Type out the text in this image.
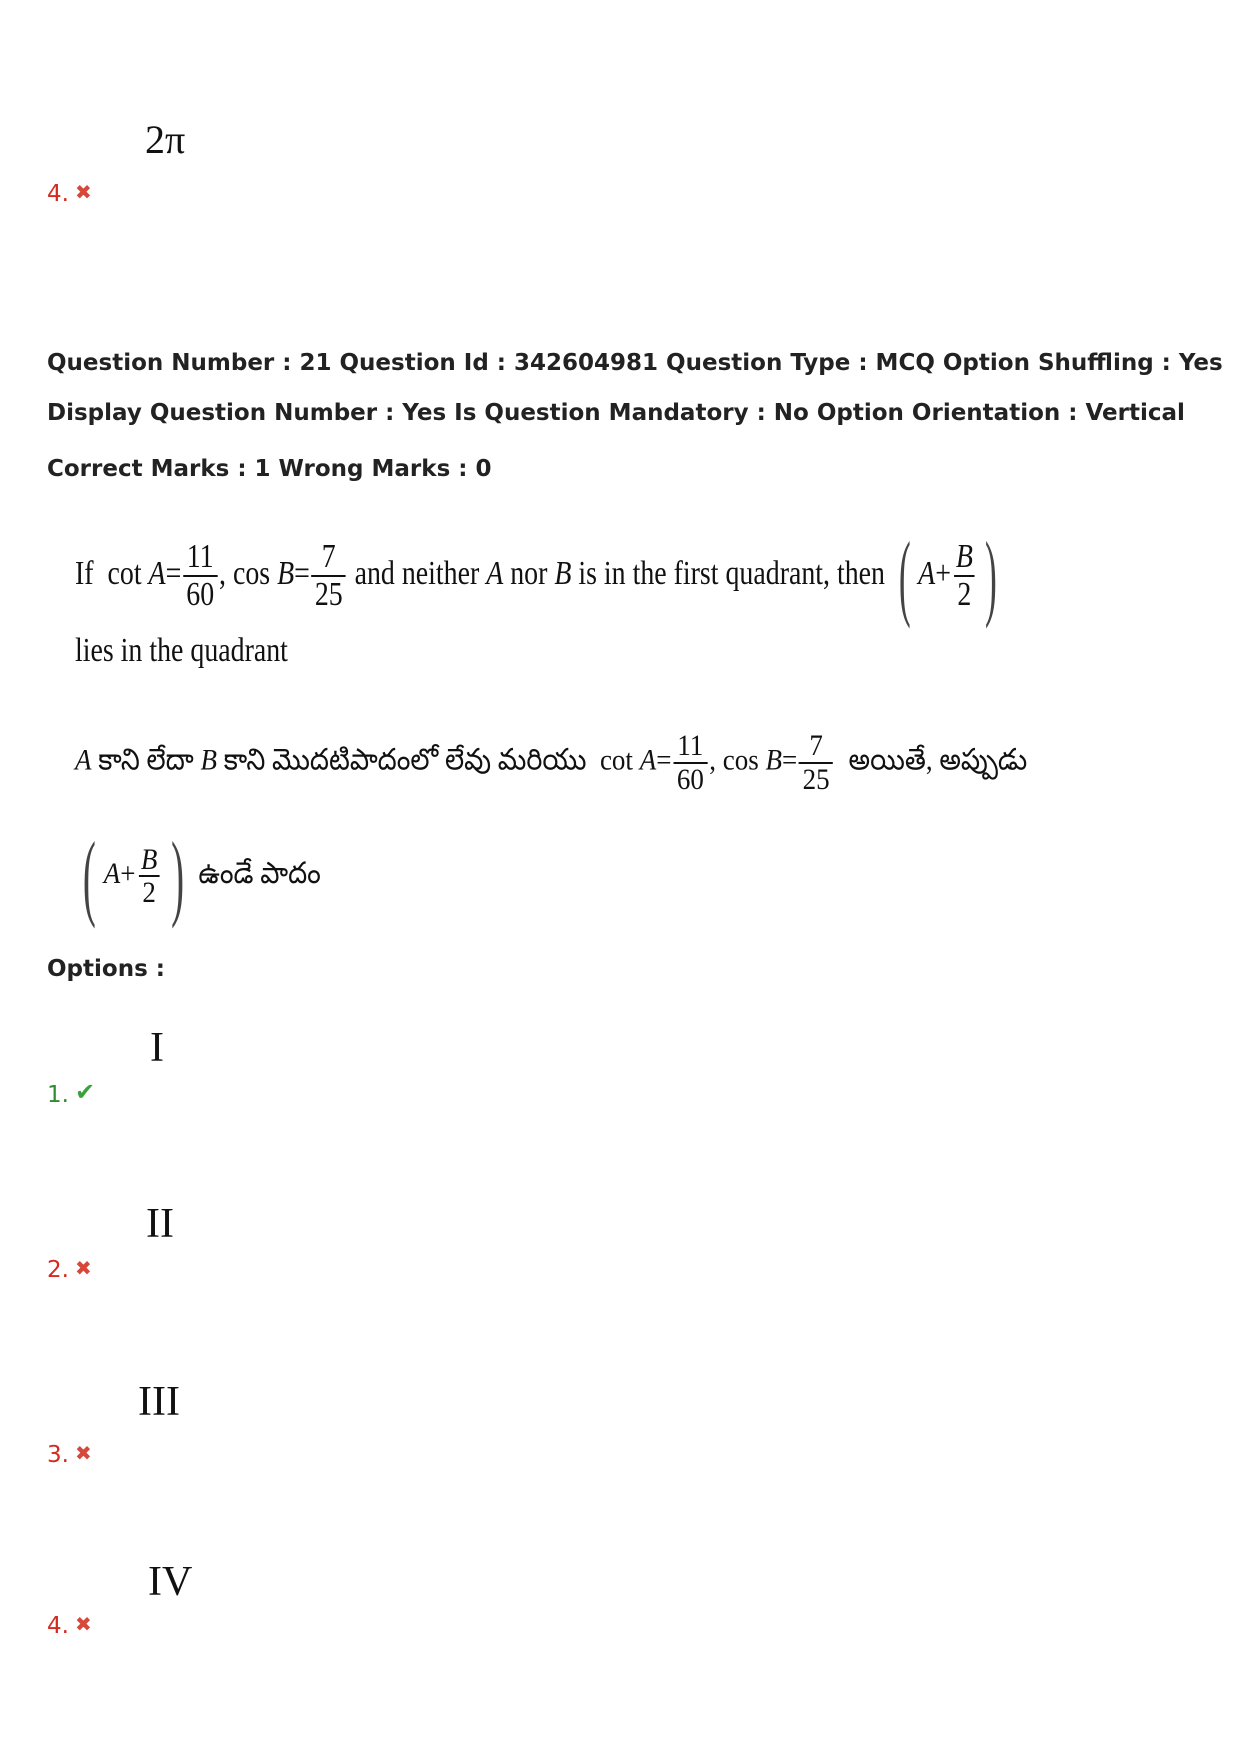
2π
4. ✖
Question Number : 21 Question Id : 342604981 Question Type : MCQ Option Shuffling : Yes
Display Question Number : Yes Is Question Mandatory : No Option Orientation : Vertical
Correct Marks : 1 Wrong Marks : 0
If $\cot A= \frac{11}{60}$ , $\cos B= \frac{7}{25}$ and neither A nor B is in the first quadrant, then ( $A+ \frac{B}{2}$ )
lies in the quadrant
A కాని లేదా B కాని మొదటిపాదంలో లేవు మరియు $\cot A= \frac{11}{60}$ , $\cos B= \frac{7}{25}$ అయితే, అప్పుడు
( $A+ \frac{B}{2}$ ) ఉండే పాదం
Options :
I
1. ✔
II
2. ✖
III
3. ✖
IV
4. ✖
